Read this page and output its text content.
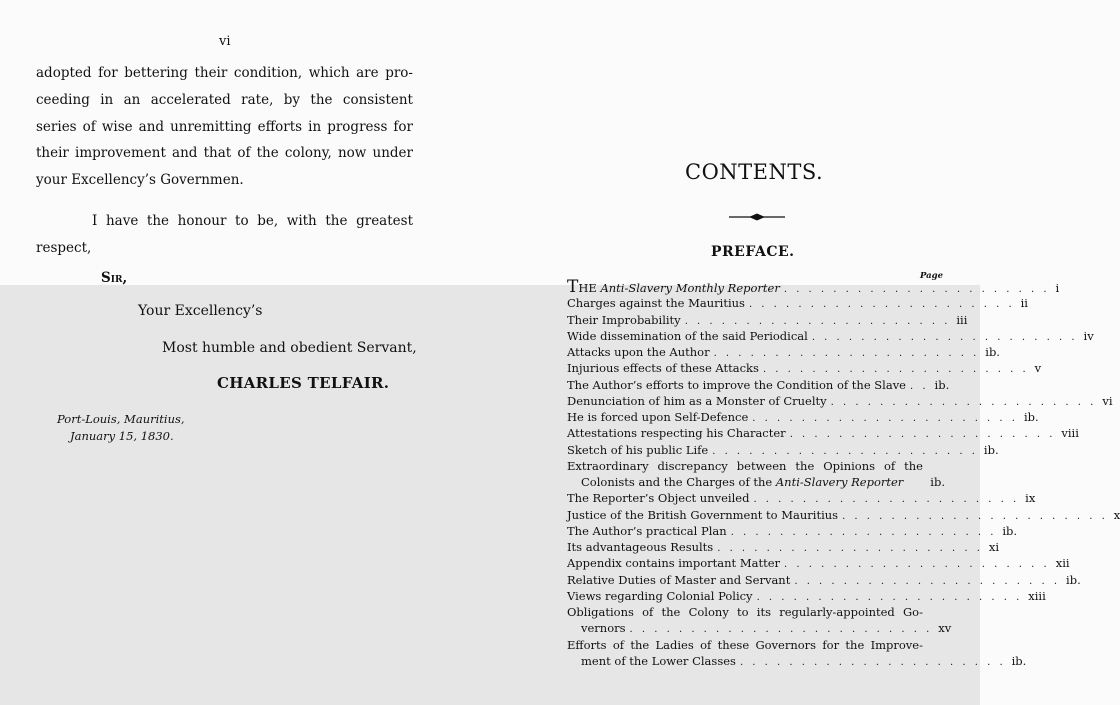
vi
adopted for bettering their condition, which are pro-
ceeding in an accelerated rate, by the consistent
series of wise and unremitting efforts in progress for
their improvement and that of the colony, now under
your Excellency’s Governmen.
I have the honour to be, with the greatest
respect,
Sir,
Your Excellency’s
Most humble and obedient Servant,
CHARLES TELFAIR.
Port-Louis, Mauritius,
January 15, 1830.
CONTENTS.
PREFACE.
Page
THE Anti-Slavery Monthly Reporter . . . . . . . . . . . . . . . . . . . . . . i
Charges against the Mauritius . . . . . . . . . . . . . . . . . . . . . . ii
Their Improbability . . . . . . . . . . . . . . . . . . . . . . iii
Wide dissemination of the said Periodical . . . . . . . . . . . . . . . . . . . . . . iv
Attacks upon the Author . . . . . . . . . . . . . . . . . . . . . . ib.
Injurious effects of these Attacks . . . . . . . . . . . . . . . . . . . . . . v
The Author’s efforts to improve the Condition of the Slave . . ib.
Denunciation of him as a Monster of Cruelty . . . . . . . . . . . . . . . . . . . . . . vi
He is forced upon Self-Defence . . . . . . . . . . . . . . . . . . . . . . ib.
Attestations respecting his Character . . . . . . . . . . . . . . . . . . . . . . viii
Sketch of his public Life . . . . . . . . . . . . . . . . . . . . . . ib.
Extraordinary discrepancy between the Opinions of the
Colonists and the Charges of the Anti-Slavery Reporter	ib.
The Reporter’s Object unveiled . . . . . . . . . . . . . . . . . . . . . . ix
Justice of the British Government to Mauritius . . . . . . . . . . . . . . . . . . . . . . x
The Author’s practical Plan . . . . . . . . . . . . . . . . . . . . . . ib.
Its advantageous Results . . . . . . . . . . . . . . . . . . . . . . xi
Appendix contains important Matter . . . . . . . . . . . . . . . . . . . . . . xii
Relative Duties of Master and Servant . . . . . . . . . . . . . . . . . . . . . . ib.
Views regarding Colonial Policy . . . . . . . . . . . . . . . . . . . . . . xiii
Obligations of the Colony to its regularly-appointed Go-
vernors . . . . . . . . . . . . . . . . . . . . . . . . . xv
Efforts of the Ladies of these Governors for the Improve-
ment of the Lower Classes . . . . . . . . . . . . . . . . . . . . . . ib.
